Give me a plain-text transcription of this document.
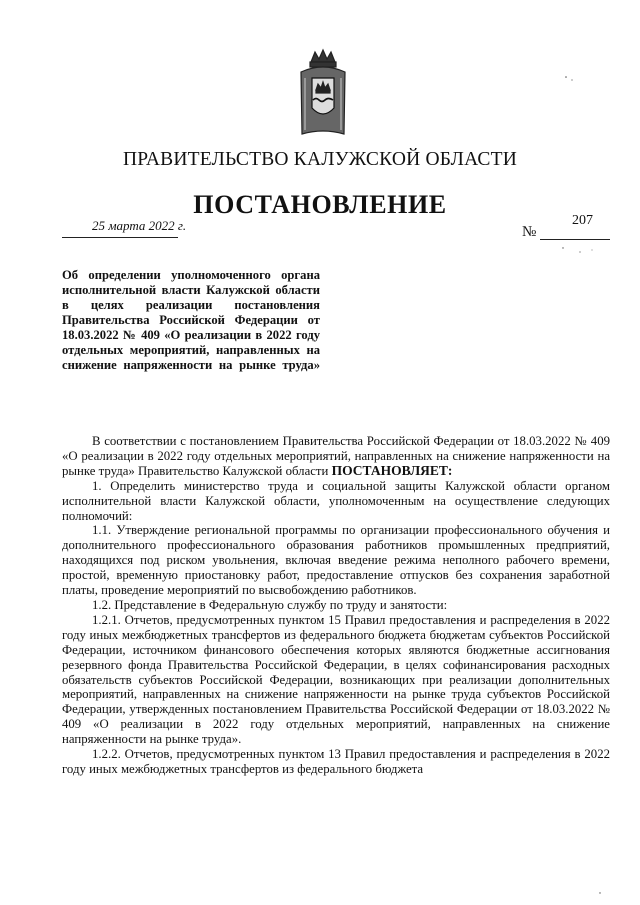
ПРАВИТЕЛЬСТВО КАЛУЖСКОЙ ОБЛАСТИ
ПОСТАНОВЛЕНИЕ
25 марта 2022 г.	№
207
Об определении уполномоченного органа исполнительной власти Калужской области в целях реализации постановления Правительства Российской Федерации от 18.03.2022 № 409 «О реализации в 2022 году отдельных мероприятий, направленных на снижение напряженности на рынке труда»

В соответствии с постановлением Правительства Российской Федерации от 18.03.2022 № 409 «О реализации в 2022 году отдельных мероприятий, направленных на снижение напряженности на рынке труда» Правительство Калужской области ПОСТАНОВЛЯЕТ:

1. Определить министерство труда и социальной защиты Калужской области органом исполнительной власти Калужской области, уполномоченным на осуществление следующих полномочий:

1.1. Утверждение региональной программы по организации профессионального обучения и дополнительного профессионального образования работников промышленных предприятий, находящихся под риском увольнения, включая введение режима неполного рабочего времени, простой, временную приостановку работ, предоставление отпусков без сохранения заработной платы, проведение мероприятий по высвобождению работников.

1.2. Представление в Федеральную службу по труду и занятости:

1.2.1. Отчетов, предусмотренных пунктом 15 Правил предоставления и распределения в 2022 году иных межбюджетных трансфертов из федерального бюджета бюджетам субъектов Российской Федерации, источником финансового обеспечения которых являются бюджетные ассигнования резервного фонда Правительства Российской Федерации, в целях софинансирования расходных обязательств субъектов Российской Федерации, возникающих при реализации дополнительных мероприятий, направленных на снижение напряженности на рынке труда субъектов Российской Федерации, утвержденных постановлением Правительства Российской Федерации от 18.03.2022 № 409 «О реализации в 2022 году отдельных мероприятий, направленных на снижение напряженности на рынке труда».

1.2.2. Отчетов, предусмотренных пунктом 13 Правил предоставления и распределения в 2022 году иных межбюджетных трансфертов из федерального бюджета
